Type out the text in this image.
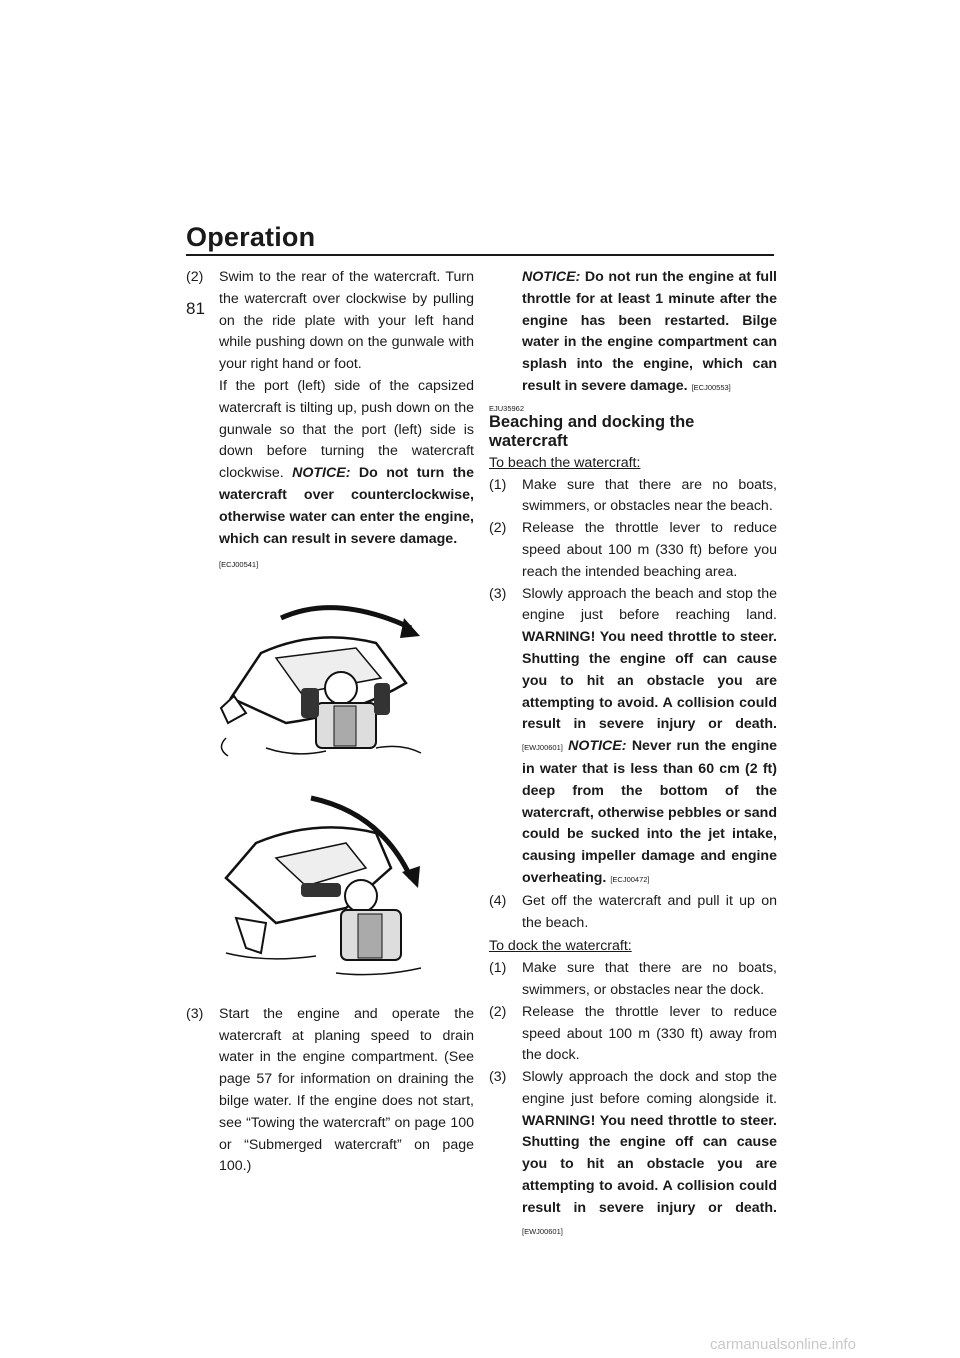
Operation
81
(2) Swim to the rear of the watercraft. Turn the watercraft over clockwise by pulling on the ride plate with your left hand while pushing down on the gunwale with your right hand or foot.

If the port (left) side of the capsized watercraft is tilting up, push down on the gunwale so that the port (left) side is down before turning the watercraft clockwise. NOTICE: Do not turn the watercraft over counterclockwise, otherwise water can enter the engine, which can result in severe damage.

[ECJ00541]
(3) Start the engine and operate the watercraft at planing speed to drain water in the engine compartment. (See page 57 for information on draining the bilge water. If the engine does not start, see “Towing the watercraft” on page 100 or “Submerged watercraft” on page 100.)

NOTICE: Do not run the engine at full throttle for at least 1 minute after the engine has been restarted. Bilge water in the engine compartment can splash into the engine, which can result in severe damage. [ECJ00553]

EJU35962
Beaching and docking the watercraft
To beach the watercraft:
(1) Make sure that there are no boats, swimmers, or obstacles near the beach.

(2) Release the throttle lever to reduce speed about 100 m (330 ft) before you reach the intended beaching area.

(3) Slowly approach the beach and stop the engine just before reaching land. WARNING! You need throttle to steer. Shutting the engine off can cause you to hit an obstacle you are attempting to avoid. A collision could result in severe injury or death. [EWJ00601] NOTICE: Never run the engine in water that is less than 60 cm (2 ft) deep from the bottom of the watercraft, otherwise pebbles or sand could be sucked into the jet intake, causing impeller damage and engine overheating. [ECJ00472]

(4) Get off the watercraft and pull it up on the beach.

To dock the watercraft:
(1) Make sure that there are no boats, swimmers, or obstacles near the dock.

(2) Release the throttle lever to reduce speed about 100 m (330 ft) away from the dock.

(3) Slowly approach the dock and stop the engine just before coming alongside it. WARNING! You need throttle to steer. Shutting the engine off can cause you to hit an obstacle you are attempting to avoid. A collision could result in severe injury or death. [EWJ00601]

carmanualsonline.info
